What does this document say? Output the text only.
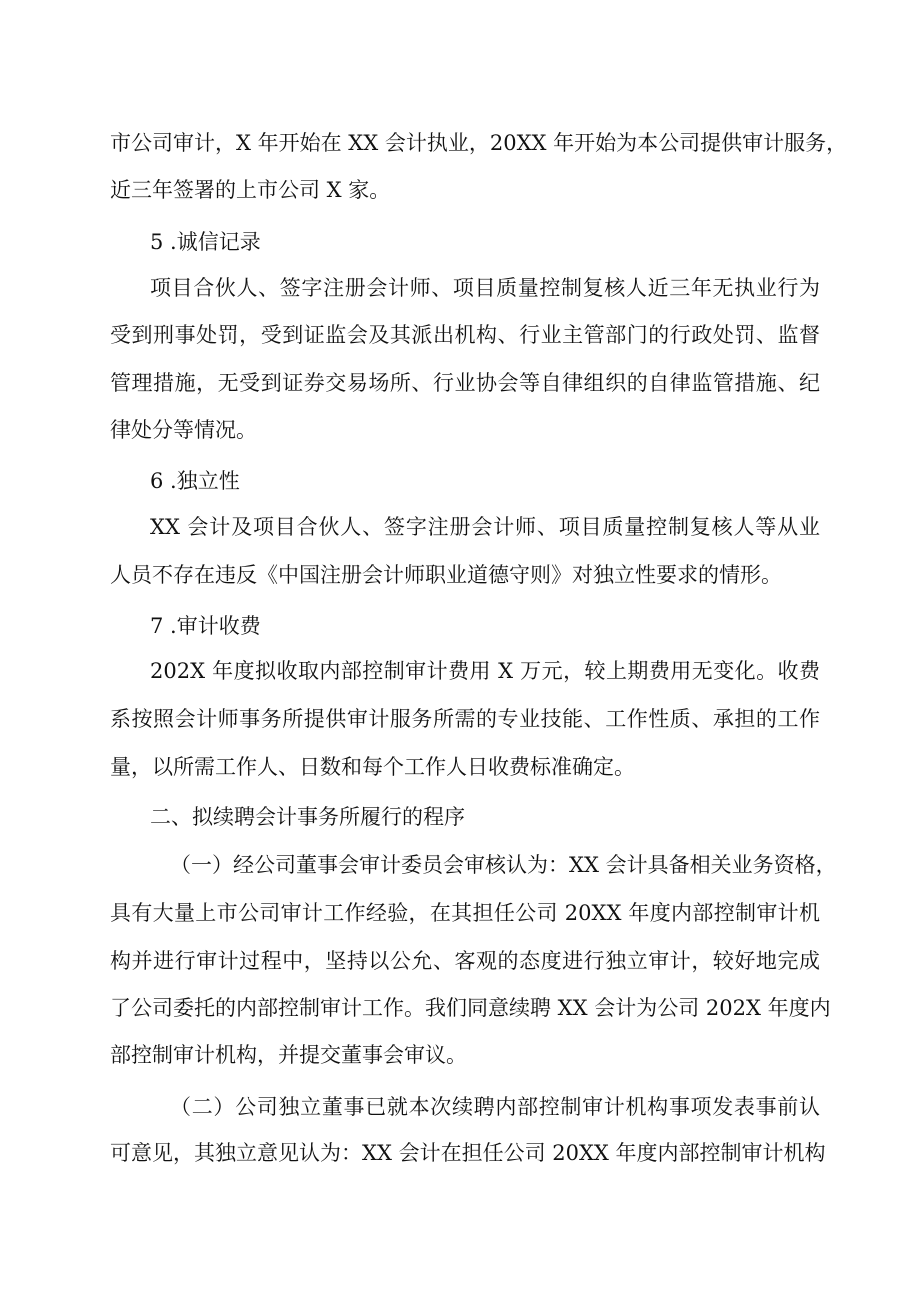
市公司审计，X 年开始在 XX 会计执业，20XX 年开始为本公司提供审计服务，
近三年签署的上市公司 X 家。
5 .诚信记录
项目合伙人、签字注册会计师、项目质量控制复核人近三年无执业行为
受到刑事处罚，受到证监会及其派出机构、行业主管部门的行政处罚、监督
管理措施，无受到证券交易场所、行业协会等自律组织的自律监管措施、纪
律处分等情况。
6 .独立性
XX 会计及项目合伙人、签字注册会计师、项目质量控制复核人等从业
人员不存在违反《中国注册会计师职业道德守则》对独立性要求的情形。
7 .审计收费
202X 年度拟收取内部控制审计费用 X 万元，较上期费用无变化。收费
系按照会计师事务所提供审计服务所需的专业技能、工作性质、承担的工作
量，以所需工作人、日数和每个工作人日收费标准确定。
二、拟续聘会计事务所履行的程序
（一）经公司董事会审计委员会审核认为：XX 会计具备相关业务资格，
具有大量上市公司审计工作经验，在其担任公司 20XX 年度内部控制审计机
构并进行审计过程中，坚持以公允、客观的态度进行独立审计，较好地完成
了公司委托的内部控制审计工作。我们同意续聘 XX 会计为公司 202X 年度内
部控制审计机构，并提交董事会审议。
（二）公司独立董事已就本次续聘内部控制审计机构事项发表事前认
可意见，其独立意见认为：XX 会计在担任公司 20XX 年度内部控制审计机构
